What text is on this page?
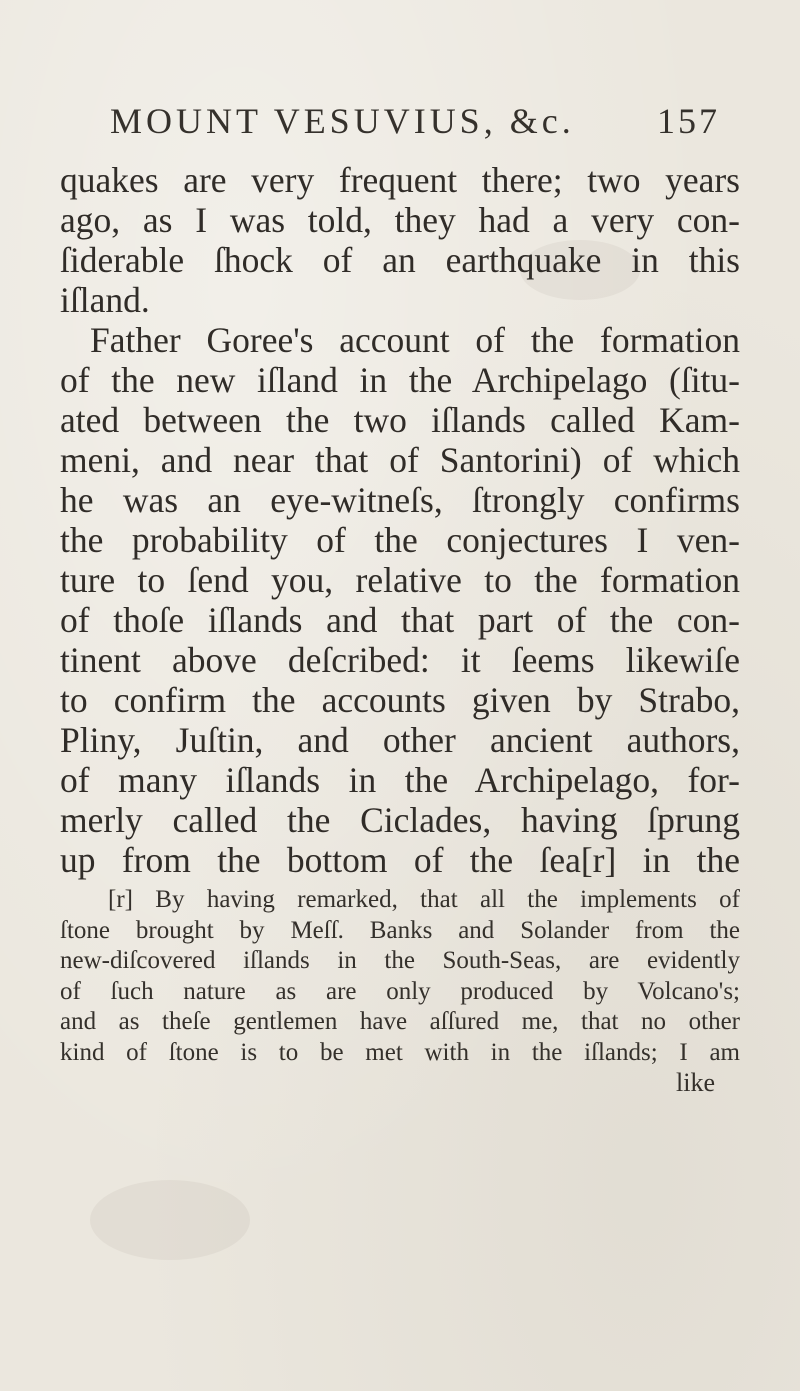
MOUNT VESUVIUS, &c. 157
quakes are very frequent there; two years
ago, as I was told, they had a very con-
ſiderable ſhock of an earthquake in this
iſland.
Father Goree's account of the formation
of the new iſland in the Archipelago (ſitu-
ated between the two iſlands called Kam-
meni, and near that of Santorini) of which
he was an eye-witneſs, ſtrongly confirms
the probability of the conjectures I ven-
ture to ſend you, relative to the formation
of thoſe iſlands and that part of the con-
tinent above deſcribed: it ſeems likewiſe
to confirm the accounts given by Strabo,
Pliny, Juſtin, and other ancient authors,
of many iſlands in the Archipelago, for-
merly called the Ciclades, having ſprung
up from the bottom of the ſea[r] in the
[r] By having remarked, that all the implements of
ſtone brought by Meſſ. Banks and Solander from the
new-diſcovered iſlands in the South-Seas, are evidently
of ſuch nature as are only produced by Volcano's;
and as theſe gentlemen have aſſured me, that no other
kind of ſtone is to be met with in the iſlands; I am
like
